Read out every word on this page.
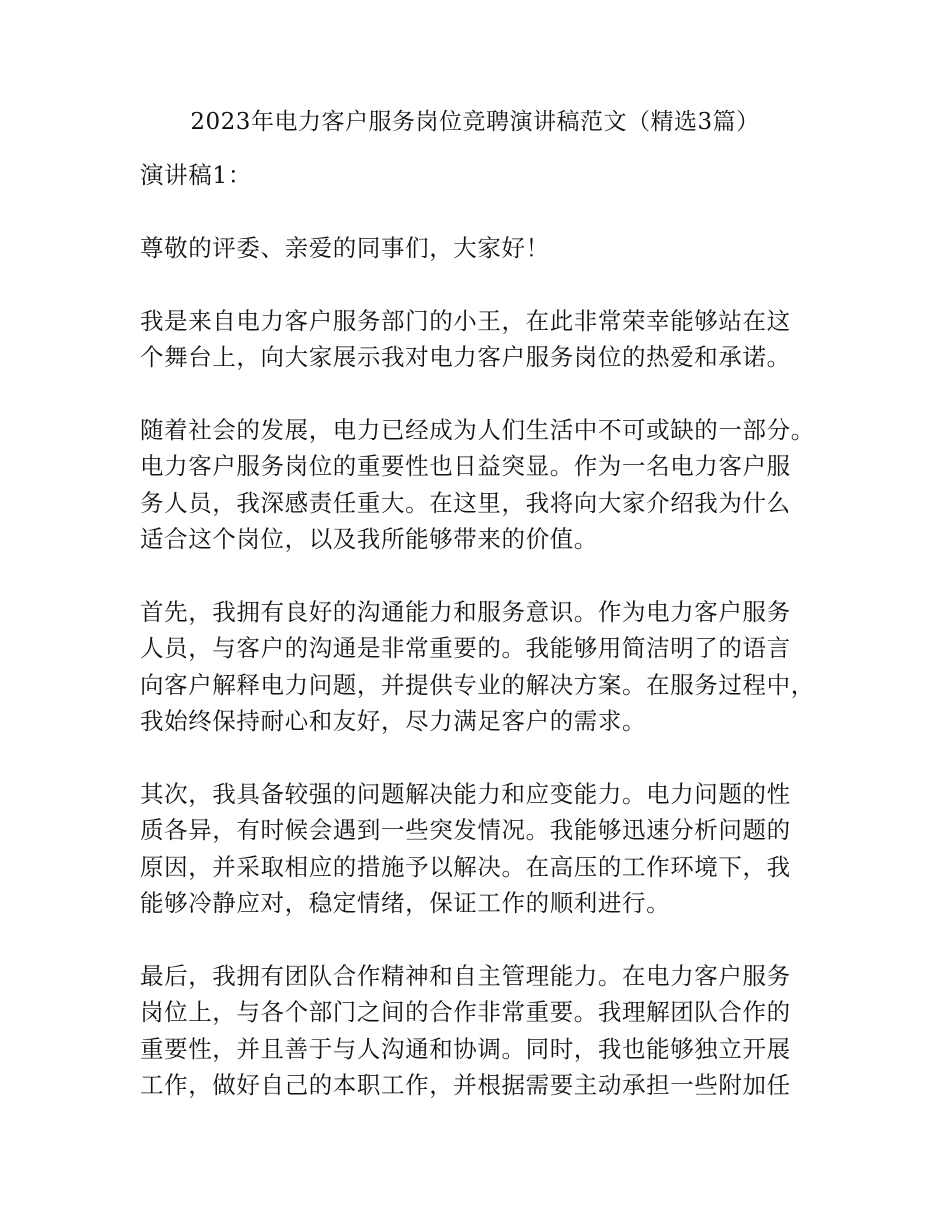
2023年电力客户服务岗位竞聘演讲稿范文（精选3篇）

演讲稿1：

尊敬的评委、亲爱的同事们，大家好！

我是来自电力客户服务部门的小王，在此非常荣幸能够站在这
个舞台上，向大家展示我对电力客户服务岗位的热爱和承诺。

随着社会的发展，电力已经成为人们生活中不可或缺的一部分。
电力客户服务岗位的重要性也日益突显。作为一名电力客户服
务人员，我深感责任重大。在这里，我将向大家介绍我为什么
适合这个岗位，以及我所能够带来的价值。

首先，我拥有良好的沟通能力和服务意识。作为电力客户服务
人员，与客户的沟通是非常重要的。我能够用简洁明了的语言
向客户解释电力问题，并提供专业的解决方案。在服务过程中，
我始终保持耐心和友好，尽力满足客户的需求。

其次，我具备较强的问题解决能力和应变能力。电力问题的性
质各异，有时候会遇到一些突发情况。我能够迅速分析问题的
原因，并采取相应的措施予以解决。在高压的工作环境下，我
能够冷静应对，稳定情绪，保证工作的顺利进行。

最后，我拥有团队合作精神和自主管理能力。在电力客户服务
岗位上，与各个部门之间的合作非常重要。我理解团队合作的
重要性，并且善于与人沟通和协调。同时，我也能够独立开展
工作，做好自己的本职工作，并根据需要主动承担一些附加任
